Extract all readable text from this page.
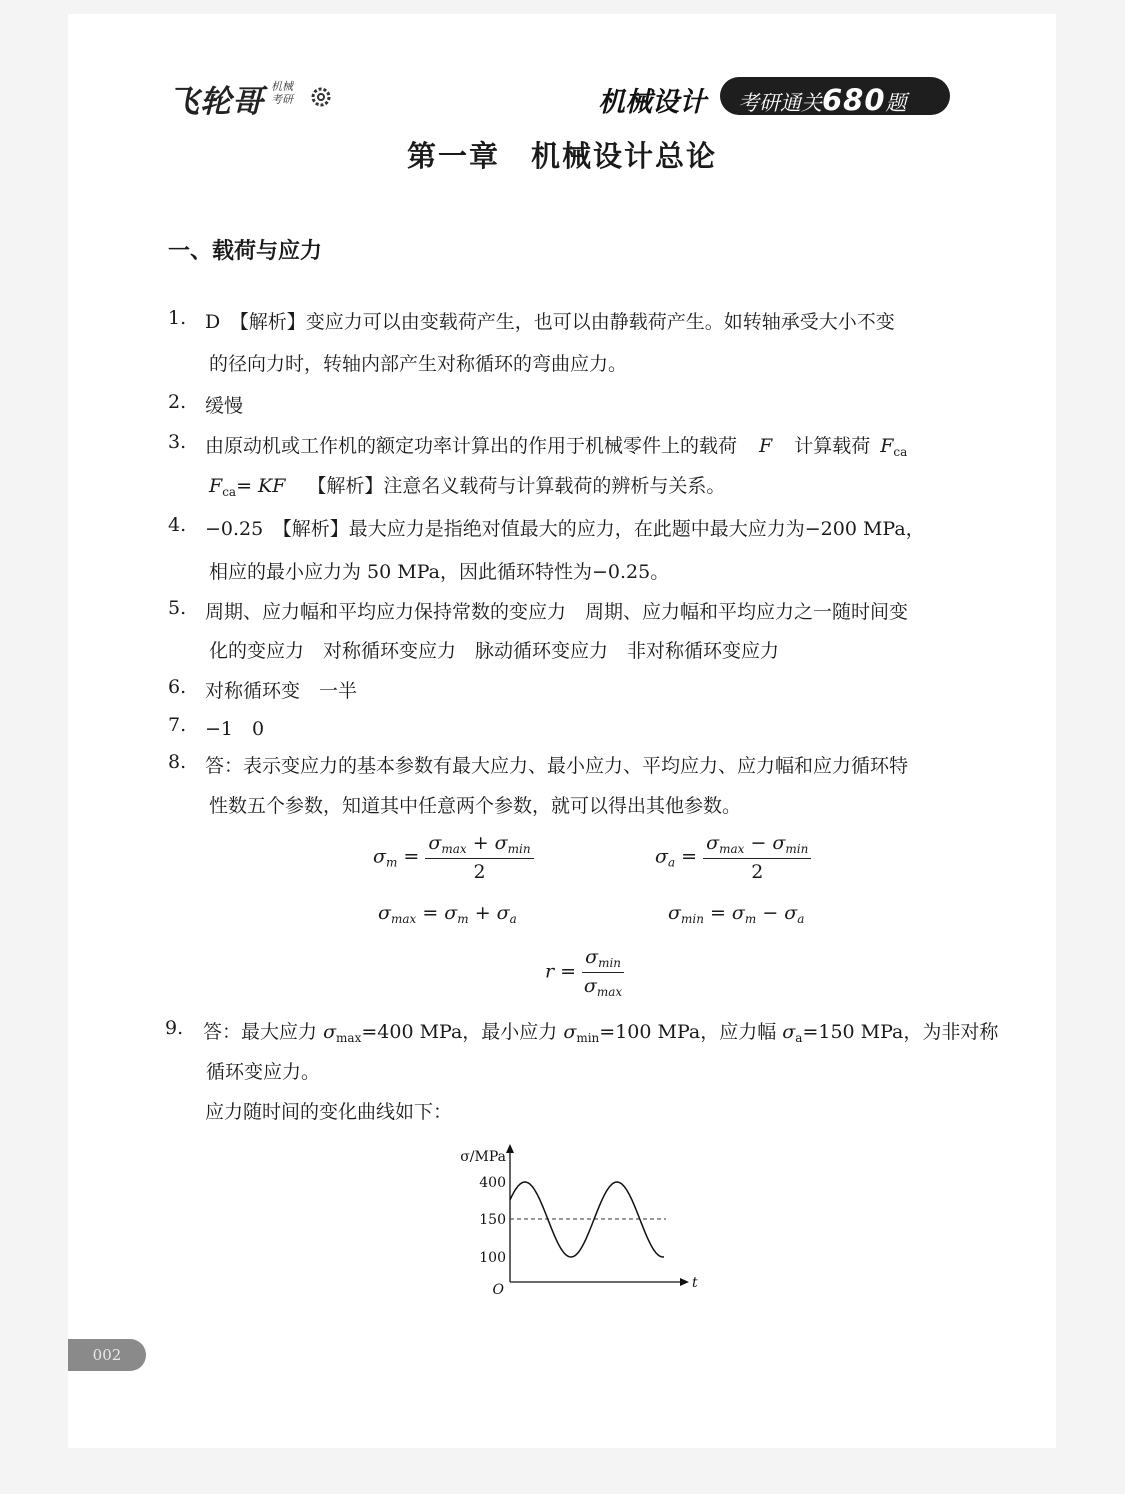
飞轮哥 机械
考研	机械设计 考研通关680题
第一章　机械设计总论
一、载荷与应力
1. D　【解析】变应力可以由变载荷产生，也可以由静载荷产生。如转轴承受大小不变
的径向力时，转轴内部产生对称循环的弯曲应力。
2. 缓慢
3. 由原动机或工作机的额定功率计算出的作用于机械零件上的载荷 F 计算载荷 $F_{ca}$
$F_{ca}=$ KF 【解析】注意名义载荷与计算载荷的辨析与关系。
4. −0.25　【解析】最大应力是指绝对值最大的应力，在此题中最大应力为−200 MPa，
相应的最小应力为 50 MPa，因此循环特性为−0.25。
5. 周期、应力幅和平均应力保持常数的变应力　周期、应力幅和平均应力之一随时间变
化的变应力　对称循环变应力　脉动循环变应力　非对称循环变应力
6. 对称循环变　一半
7. −1　0
8. 答：表示变应力的基本参数有最大应力、最小应力、平均应力、应力幅和应力循环特
性数五个参数，知道其中任意两个参数，就可以得出其他参数。
$\sigma_m = \frac{\sigma_{max} + \sigma_{min}}{2}$	$\sigma_a = \frac{\sigma_{max} - \sigma_{min}}{2}$
$\sigma_{max} = \sigma_m + \sigma_a$	$\sigma_{min} = \sigma_m - \sigma_a$
$r = \frac{\sigma_{min}}{\sigma_{max}}$
9. 答：最大应力 $\sigma_{max}=400$ MPa，最小应力 $\sigma_{min}=100$ MPa，应力幅 $\sigma_a=150$ MPa，为非对称
循环变应力。
应力随时间的变化曲线如下：
σ/MPa
400
150
100
O	t
002
